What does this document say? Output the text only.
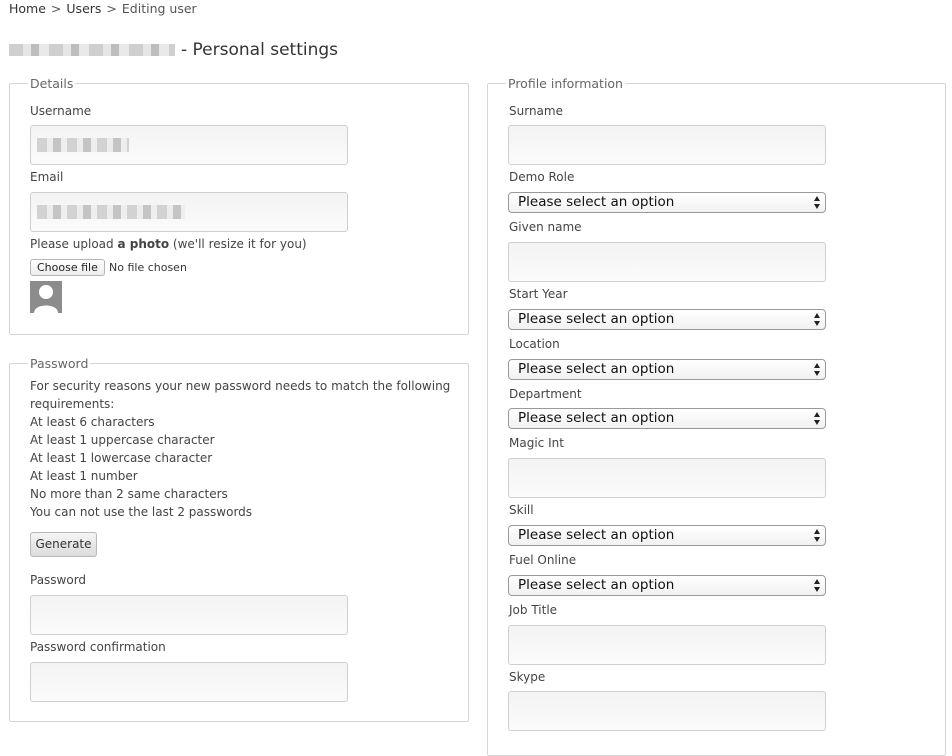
Home > Users > Editing user
- Personal settings
Details
Username
Email
Please upload a photo (we'll resize it for you)
Choose file	No file chosen
Password
For security reasons your new password needs to match the following
requirements:
At least 6 characters
At least 1 uppercase character
At least 1 lowercase character
At least 1 number
No more than 2 same characters
You can not use the last 2 passwords
Generate
Password
Password confirmation
Profile information
Surname
Demo Role
Please select an option
Given name
Start Year
Please select an option
Location
Please select an option
Department
Please select an option
Magic Int
Skill
Please select an option
Fuel Online
Please select an option
Job Title
Skype
